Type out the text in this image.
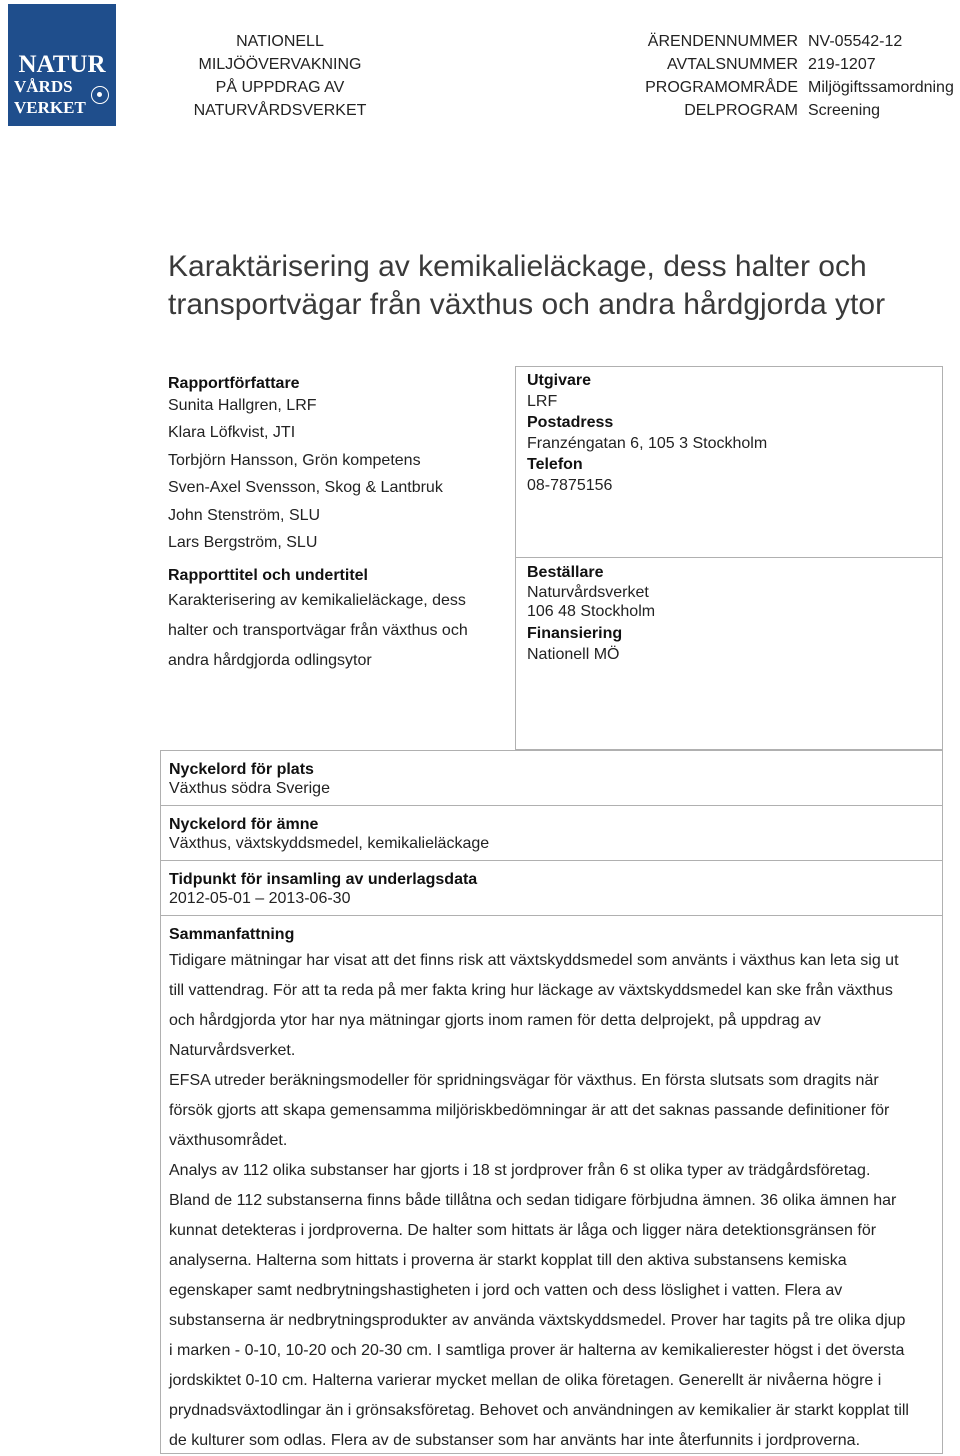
NATUR
VÅRDS
VERKET
NATIONELL
MILJÖÖVERVAKNING
PÅ UPPDRAG AV
NATURVÅRDSVERKET
ÄRENDENNUMMER NV-05542-12
AVTALSNUMMER 219-1207
PROGRAMOMRÅDE Miljögiftssamordning
DELPROGRAM Screening
Karaktärisering av kemikalieläckage, dess halter och
transportvägar från växthus och andra hårdgjorda ytor
Rapportförfattare
Sunita Hallgren, LRF
Klara Löfkvist, JTI
Torbjörn Hansson, Grön kompetens
Sven-Axel Svensson, Skog & Lantbruk
John Stenström, SLU
Lars Bergström, SLU
Rapporttitel och undertitel
Karakterisering av kemikalieläckage, dess
halter och transportvägar från växthus och
andra hårdgjorda odlingsytor
Utgivare
LRF
Postadress
Franzéngatan 6, 105 3 Stockholm
Telefon
08-7875156
Beställare
Naturvårdsverket
106 48 Stockholm
Finansiering
Nationell MÖ
Nyckelord för plats
Växthus södra Sverige
Nyckelord för ämne
Växthus, växtskyddsmedel, kemikalieläckage
Tidpunkt för insamling av underlagsdata
2012-05-01 – 2013-06-30
Sammanfattning

Tidigare mätningar har visat att det finns risk att växtskyddsmedel som använts i växthus kan leta sig ut
till vattendrag. För att ta reda på mer fakta kring hur läckage av växtskyddsmedel kan ske från växthus
och hårdgjorda ytor har nya mätningar gjorts inom ramen för detta delprojekt, på uppdrag av
Naturvårdsverket.

EFSA utreder beräkningsmodeller för spridningsvägar för växthus. En första slutsats som dragits när
försök gjorts att skapa gemensamma miljöriskbedömningar är att det saknas passande definitioner för
växthusområdet.

Analys av 112 olika substanser har gjorts i 18 st jordprover från 6 st olika typer av trädgårdsföretag.
Bland de 112 substanserna finns både tillåtna och sedan tidigare förbjudna ämnen. 36 olika ämnen har
kunnat detekteras i jordproverna. De halter som hittats är låga och ligger nära detektionsgränsen för
analyserna. Halterna som hittats i proverna är starkt kopplat till den aktiva substansens kemiska
egenskaper samt nedbrytningshastigheten i jord och vatten och dess löslighet i vatten. Flera av
substanserna är nedbrytningsprodukter av använda växtskyddsmedel. Prover har tagits på tre olika djup
i marken - 0-10, 10-20 och 20-30 cm. I samtliga prover är halterna av kemikalierester högst i det översta
jordskiktet 0-10 cm. Halterna varierar mycket mellan de olika företagen. Generellt är nivåerna högre i
prydnadsväxtodlingar än i grönsaksföretag. Behovet och användningen av kemikalier är starkt kopplat till
de kulturer som odlas. Flera av de substanser som har använts har inte återfunnits i jordproverna.
